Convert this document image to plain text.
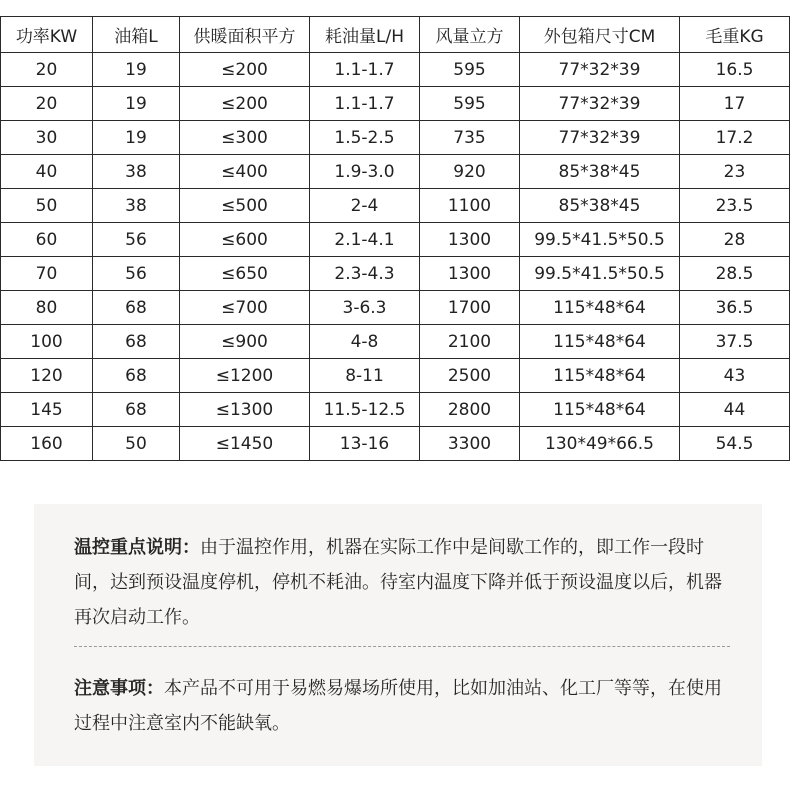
功率KW	油箱L	供暖面积平方	耗油量L/H	风量立方	外包箱尺寸CM	毛重KG
20	19	≤200	1.1-1.7	595	77*32*39	16.5
20	19	≤200	1.1-1.7	595	77*32*39	17
30	19	≤300	1.5-2.5	735	77*32*39	17.2
40	38	≤400	1.9-3.0	920	85*38*45	23
50	38	≤500	2-4	1100	85*38*45	23.5
60	56	≤600	2.1-4.1	1300	99.5*41.5*50.5	28
70	56	≤650	2.3-4.3	1300	99.5*41.5*50.5	28.5
80	68	≤700	3-6.3	1700	115*48*64	36.5
100	68	≤900	4-8	2100	115*48*64	37.5
120	68	≤1200	8-11	2500	115*48*64	43
145	68	≤1300	11.5-12.5	2800	115*48*64	44
160	50	≤1450	13-16	3300	130*49*66.5	54.5

温控重点说明：由于温控作用，机器在实际工作中是间歇工作的，即工作一段时间，达到预设温度停机，停机不耗油。待室内温度下降并低于预设温度以后，机器再次启动工作。

注意事项：本产品不可用于易燃易爆场所使用，比如加油站、化工厂等等，在使用过程中注意室内不能缺氧。
